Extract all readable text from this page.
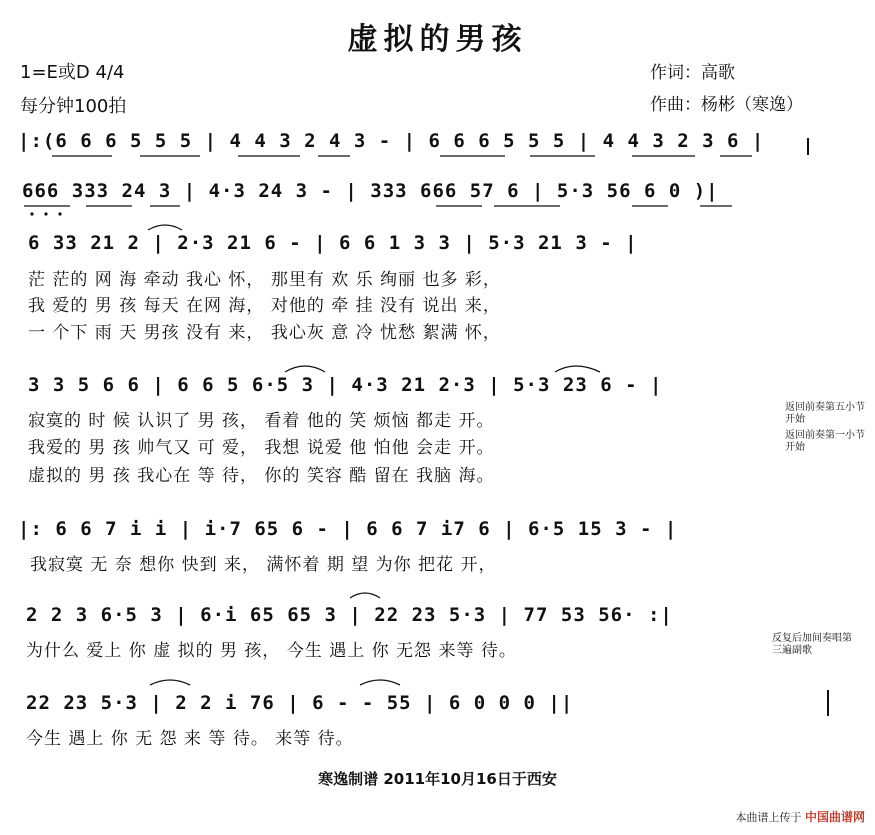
虚拟的男孩
1=E或D 4/4
每分钟100拍
作词：高歌
作曲：杨彬（寒逸）
|:(6 6 6 5 5 5 | 4 4 3 2 4 3 - | 6 6 6 5 5 5 | 4 4 3 2 3 6 |
666 333 24 3 | 4·3 24 3 - | 333 666 57 6 | 5·3 56 6 0 )|
6 33 21 2 | 2·3 21 6 - | 6 6 1 3 3 | 5·3 21 3 - |
茫 茫的 网 海 牵动 我心 怀， 那里有 欢 乐 绚丽 也多 彩，
我 爱的 男 孩 每天 在网 海， 对他的 牵 挂 没有 说出 来，
一 个下 雨 天 男孩 没有 来， 我心灰 意 冷 忧愁 絮满 怀，
3 3 5 6 6 | 6 6 5 6·5 3 | 4·3 21 2·3 | 5·3 23 6 - |
寂寞的 时 候 认识了 男 孩， 看着 他的 笑 烦恼 都走 开。
我爱的 男 孩 帅气又 可 爱， 我想 说爱 他 怕他 会走 开。
虚拟的 男 孩 我心在 等 待， 你的 笑容 酷 留在 我脑 海。
返回前奏第五小节开始
返回前奏第一小节开始
|: 6 6 7 i i | i·7 65 6 - | 6 6 7 i7 6 | 6·5 15 3 - |
我寂寞 无 奈 想你 快到 来， 满怀着 期 望 为你 把花 开，
2 2 3 6·5 3 | 6·i 65 65 3 | 22 23 5·3 | 77 53 56· :|
为什么 爱上 你 虚 拟的 男 孩， 今生 遇上 你 无怨 来等 待。
反复后加间奏唱第三遍副歌
22 23 5·3 | 2 2 i 76 | 6 - - 55 | 6 0 0 0 ||
今生 遇上 你 无 怨 来 等 待。 来等 待。
寒逸制谱 2011年10月16日于西安
本曲谱上传于 中国曲谱网
